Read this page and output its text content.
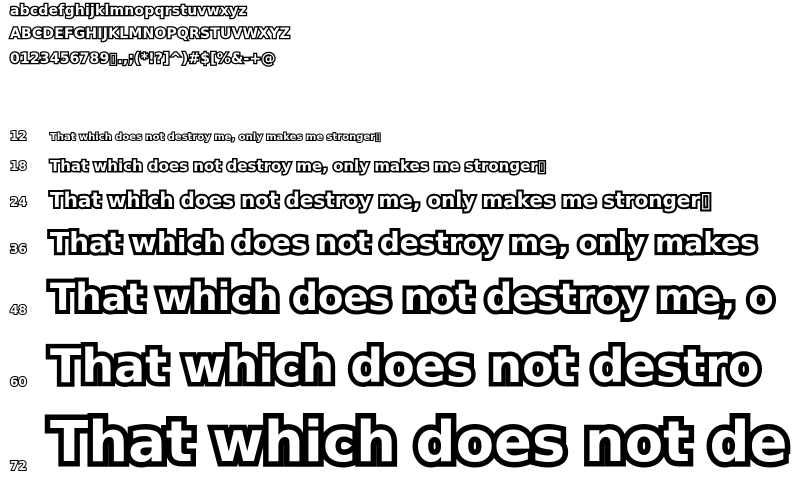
abcdefghijklmnopqrstuvwxyz
ABCDEFGHIJKLMNOPQRSTUVWXYZ
0123456789▯.,;(*!?]^)#$[%&-+@
12 That which does not destroy me, only makes me stronger▯
18 That which does not destroy me, only makes me stronger▯
24 That which does not destroy me, only makes me stronger▯
36 That which does not destroy me, only makes
48 That which does not destroy me, o
60 That which does not destro
72 That which does not de
